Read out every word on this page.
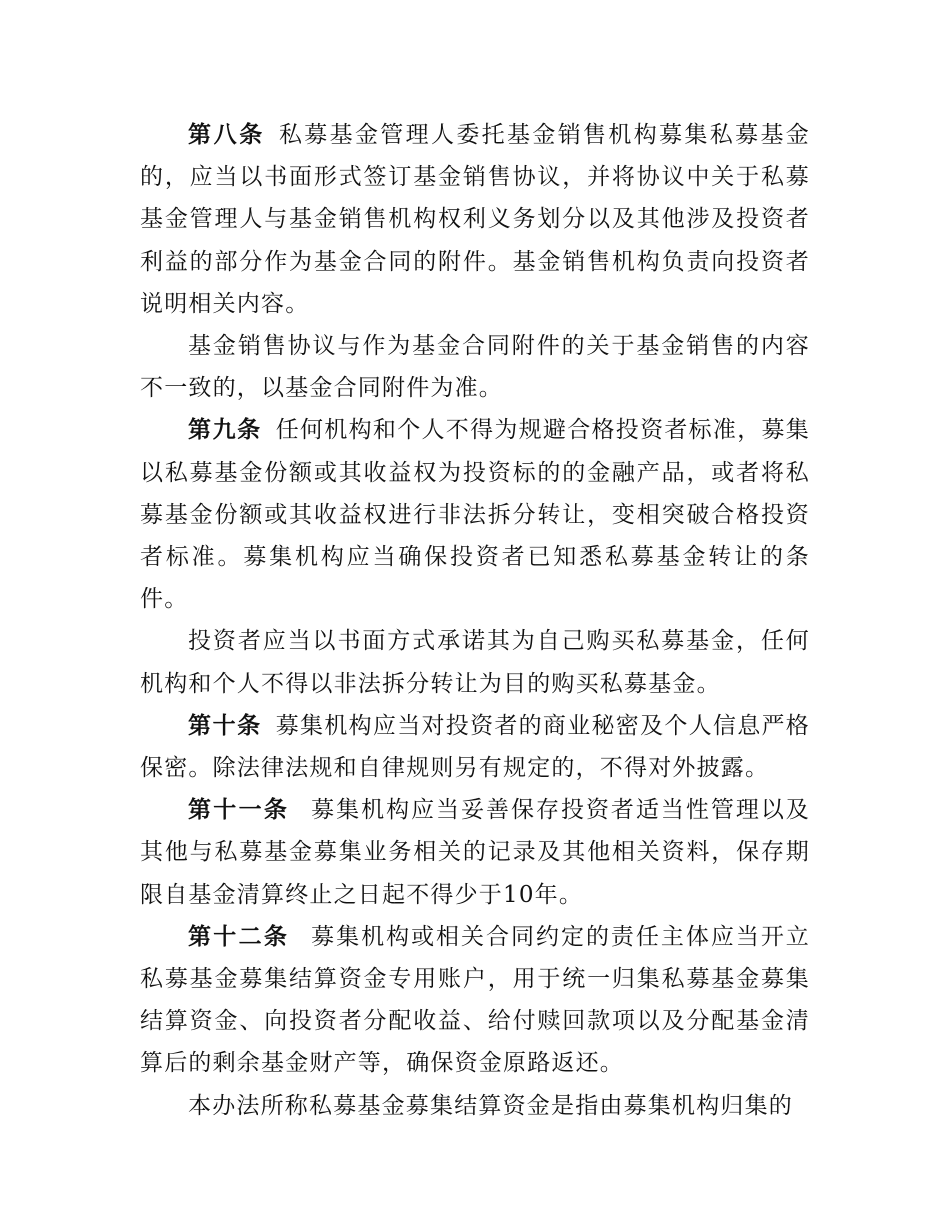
第八条 私募基金管理人委托基金销售机构募集私募基金的，应当以书面形式签订基金销售协议，并将协议中关于私募基金管理人与基金销售机构权利义务划分以及其他涉及投资者利益的部分作为基金合同的附件。基金销售机构负责向投资者说明相关内容。

基金销售协议与作为基金合同附件的关于基金销售的内容不一致的，以基金合同附件为准。

第九条 任何机构和个人不得为规避合格投资者标准，募集以私募基金份额或其收益权为投资标的的金融产品，或者将私募基金份额或其收益权进行非法拆分转让，变相突破合格投资者标准。募集机构应当确保投资者已知悉私募基金转让的条件。

投资者应当以书面方式承诺其为自己购买私募基金，任何机构和个人不得以非法拆分转让为目的购买私募基金。

第十条 募集机构应当对投资者的商业秘密及个人信息严格保密。除法律法规和自律规则另有规定的，不得对外披露。

第十一条 募集机构应当妥善保存投资者适当性管理以及其他与私募基金募集业务相关的记录及其他相关资料，保存期限自基金清算终止之日起不得少于10年。

第十二条 募集机构或相关合同约定的责任主体应当开立私募基金募集结算资金专用账户，用于统一归集私募基金募集结算资金、向投资者分配收益、给付赎回款项以及分配基金清算后的剩余基金财产等，确保资金原路返还。

本办法所称私募基金募集结算资金是指由募集机构归集的
